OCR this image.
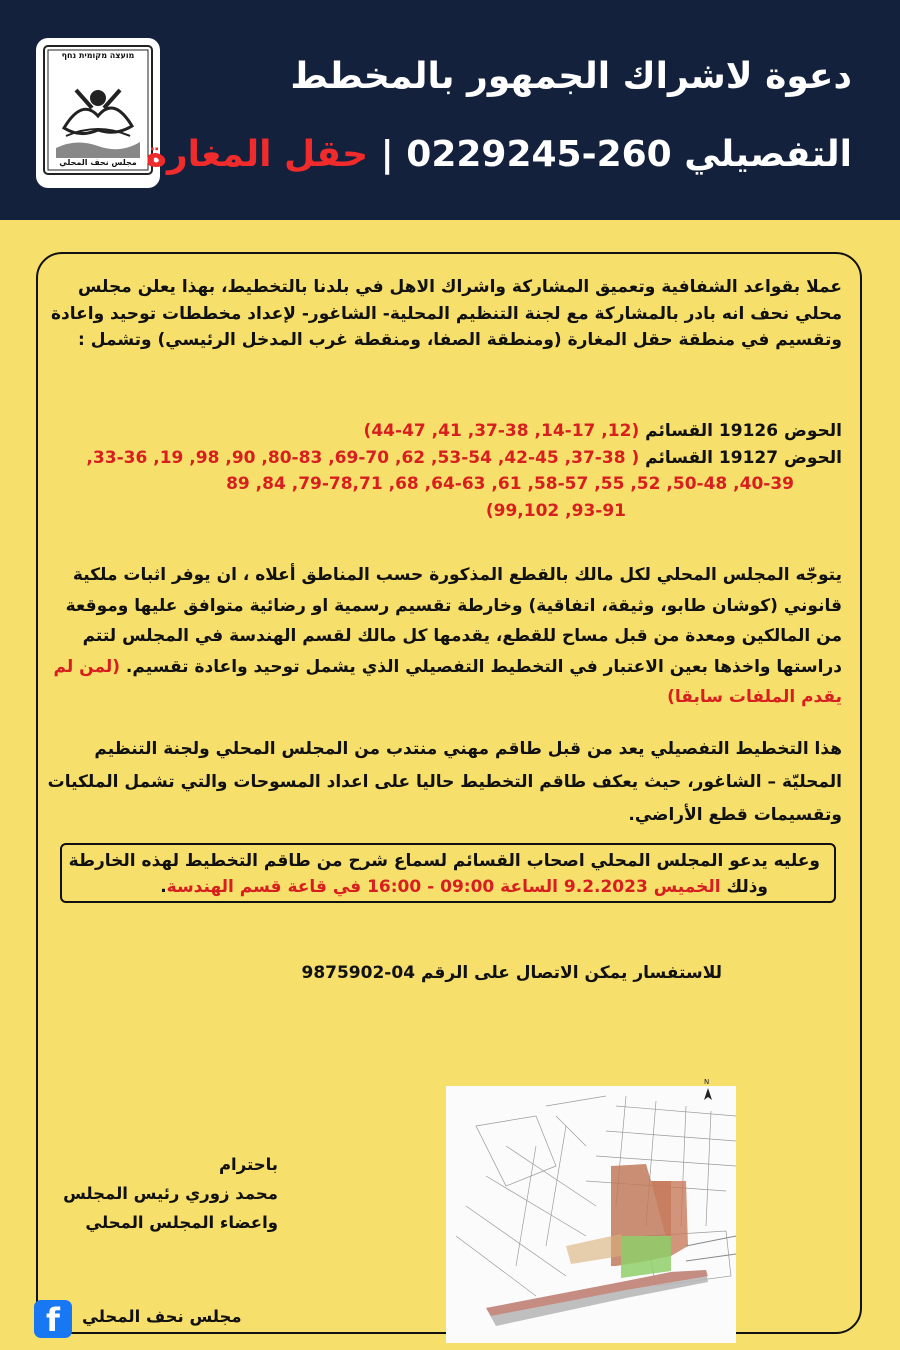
מועצה מקומית נחף
مجلس نحف المحلي
دعوة لاشراك الجمهور بالمخطط
التفصيلي 260-0229245 | حقل المغارة
عملا بقواعد الشفافية وتعميق المشاركة واشراك الاهل في بلدنا بالتخطيط، بهذا يعلن مجلس محلي نحف انه بادر بالمشاركة مع لجنة التنظيم المحلية- الشاغور- لإعداد مخططات توحيد واعادة وتقسيم في منطقة حقل المغارة (ومنطقة الصفا، ومنقطة غرب المدخل الرئيسي) وتشمل :
الحوض 19126 القسائم (12, 17-14, 38-37, 41, 47-44)
الحوض 19127 القسائم ( 38-37, 45-42, 54-53, 62, 70-69, 83-80, 90, 98, 19, 36-33,
40-39, 50-48, 52, 55, 58-57, 61, 64-63, 68, 79-78,71, 84, 89
93-91, 99,102)
يتوجّه المجلس المحلي لكل مالك بالقطع المذكورة حسب المناطق أعلاه ، ان يوفر اثبات ملكية قانوني (كوشان طابو، وثيقة، اتفاقية) وخارطة تقسيم رسمية او رضائية متوافق عليها وموقعة من المالكين ومعدة من قبل مساح للقطع، يقدمها كل مالك لقسم الهندسة في المجلس لتتم دراستها واخذها بعين الاعتبار في التخطيط التفصيلي الذي يشمل توحيد واعادة تقسيم. (لمن لم يقدم الملفات سابقا)
هذا التخطيط التفصيلي يعد من قبل طاقم مهني منتدب من المجلس المحلي ولجنة التنظيم المحليّة – الشاغور، حيث يعكف طاقم التخطيط حاليا على اعداد المسوحات والتي تشمل الملكيات وتقسيمات قطع الأراضي.
وعليه يدعو المجلس المحلي اصحاب القسائم لسماع شرح من طاقم التخطيط لهذه الخارطة
وذلك الخميس 9.2.2023 الساعة 09:00 - 16:00 في قاعة قسم الهندسة.
للاستفسار يمكن الاتصال على الرقم 04-9875902
N
باحترام
محمد زوري رئيس المجلس
واعضاء المجلس المحلي
f مجلس نحف المحلي
